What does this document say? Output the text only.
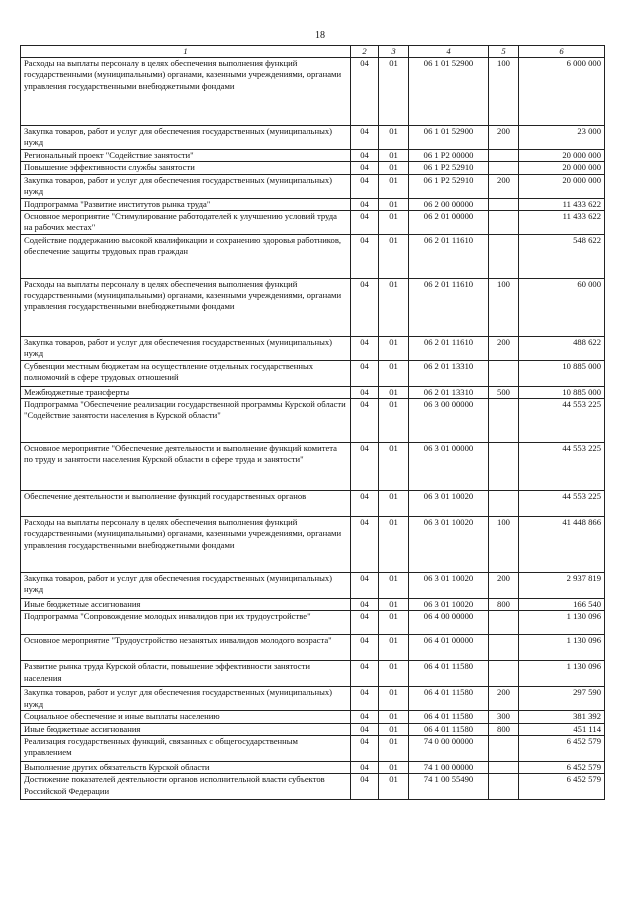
18
1	2	3	4	5	6
Расходы на выплаты персоналу в целях обеспечения выполнения функций государственными (муниципальными) органами, казенными учреждениями, органами управления государственными внебюджетными фондами	04	01	06 1 01 52900	100	6 000 000
Закупка товаров, работ и услуг для обеспечения государственных (муниципальных) нужд	04	01	06 1 01 52900	200	23 000
Региональный проект "Содействие занятости"	04	01	06 1 P2 00000		20 000 000
Повышение эффективности службы занятости	04	01	06 1 P2 52910		20 000 000
Закупка товаров, работ и услуг для обеспечения государственных (муниципальных) нужд	04	01	06 1 P2 52910	200	20 000 000
Подпрограмма "Развитие институтов рынка труда"	04	01	06 2 00 00000		11 433 622
Основное мероприятие "Стимулирование работодателей к улучшению условий труда на рабочих местах"	04	01	06 2 01 00000		11 433 622
Содействие поддержанию высокой квалификации и сохранению здоровья работников, обеспечение защиты трудовых прав граждан	04	01	06 2 01 11610		548 622
Расходы на выплаты персоналу в целях обеспечения выполнения функций государственными (муниципальными) органами, казенными учреждениями, органами управления государственными внебюджетными фондами	04	01	06 2 01 11610	100	60 000
Закупка товаров, работ и услуг для обеспечения государственных (муниципальных) нужд	04	01	06 2 01 11610	200	488 622
Субвенции местным бюджетам на осуществление отдельных государственных полномочий в сфере трудовых отношений	04	01	06 2 01 13310		10 885 000
Межбюджетные трансферты	04	01	06 2 01 13310	500	10 885 000
Подпрограмма "Обеспечение реализации государственной программы Курской области "Содействие занятости населения в Курской области"	04	01	06 3 00 00000		44 553 225
Основное мероприятие "Обеспечение деятельности и выполнение функций комитета по труду и занятости населения Курской области в сфере труда и занятости"	04	01	06 3 01 00000		44 553 225
Обеспечение деятельности и выполнение функций государственных органов	04	01	06 3 01 10020		44 553 225
Расходы на выплаты персоналу в целях обеспечения выполнения функций государственными (муниципальными) органами, казенными учреждениями, органами управления государственными внебюджетными фондами	04	01	06 3 01 10020	100	41 448 866
Закупка товаров, работ и услуг для обеспечения государственных (муниципальных) нужд	04	01	06 3 01 10020	200	2 937 819
Иные бюджетные ассигнования	04	01	06 3 01 10020	800	166 540
Подпрограмма "Сопровождение молодых инвалидов при их трудоустройстве"	04	01	06 4 00 00000		1 130 096
Основное мероприятие "Трудоустройство незанятых инвалидов молодого возраста"	04	01	06 4 01 00000		1 130 096
Развитие рынка труда Курской области, повышение эффективности занятости населения	04	01	06 4 01 11580		1 130 096
Закупка товаров, работ и услуг для обеспечения государственных (муниципальных) нужд	04	01	06 4 01 11580	200	297 590
Социальное обеспечение и иные выплаты населению	04	01	06 4 01 11580	300	381 392
Иные бюджетные ассигнования	04	01	06 4 01 11580	800	451 114
Реализация государственных функций, связанных с общегосударственным управлением	04	01	74 0 00 00000		6 452 579
Выполнение других обязательств Курской области	04	01	74 1 00 00000		6 452 579
Достижение показателей деятельности органов исполнительной власти субъектов Российской Федерации	04	01	74 1 00 55490		6 452 579
